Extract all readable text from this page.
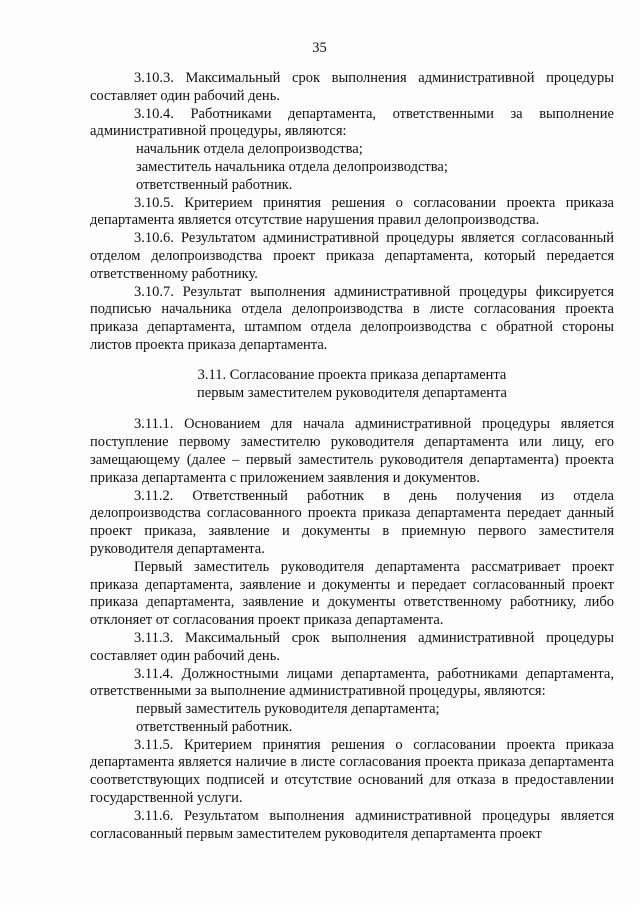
35

3.10.3. Максимальный срок выполнения административной процедуры составляет один рабочий день.

3.10.4. Работниками департамента, ответственными за выполнение административной процедуры, являются:

начальник отдела делопроизводства;

заместитель начальника отдела делопроизводства;

ответственный работник.

3.10.5. Критерием принятия решения о согласовании проекта приказа департамента является отсутствие нарушения правил делопроизводства.

3.10.6. Результатом административной процедуры является согласованный отделом делопроизводства проект приказа департамента, который передается ответственному работнику.

3.10.7. Результат выполнения административной процедуры фиксируется подписью начальника отдела делопроизводства в листе согласования проекта приказа департамента, штампом отдела делопроизводства с обратной стороны листов проекта приказа департамента.

3.11. Согласование проекта приказа департамента
первым заместителем руководителя департамента

3.11.1. Основанием для начала административной процедуры является поступление первому заместителю руководителя департамента или лицу, его замещающему (далее – первый заместитель руководителя департамента) проекта приказа департамента с приложением заявления и документов.

3.11.2. Ответственный работник в день получения из отдела делопроизводства согласованного проекта приказа департамента передает данный проект приказа, заявление и документы в приемную первого заместителя руководителя департамента.

Первый заместитель руководителя департамента рассматривает проект приказа департамента, заявление и документы и передает согласованный проект приказа департамента, заявление и документы ответственному работнику, либо отклоняет от согласования проект приказа департамента.

3.11.3. Максимальный срок выполнения административной процедуры составляет один рабочий день.

3.11.4. Должностными лицами департамента, работниками департамента, ответственными за выполнение административной процедуры, являются:

первый заместитель руководителя департамента;

ответственный работник.

3.11.5. Критерием принятия решения о согласовании проекта приказа департамента является наличие в листе согласования проекта приказа департамента соответствующих подписей и отсутствие оснований для отказа в предоставлении государственной услуги.

3.11.6. Результатом выполнения административной процедуры является согласованный первым заместителем руководителя департамента проект
